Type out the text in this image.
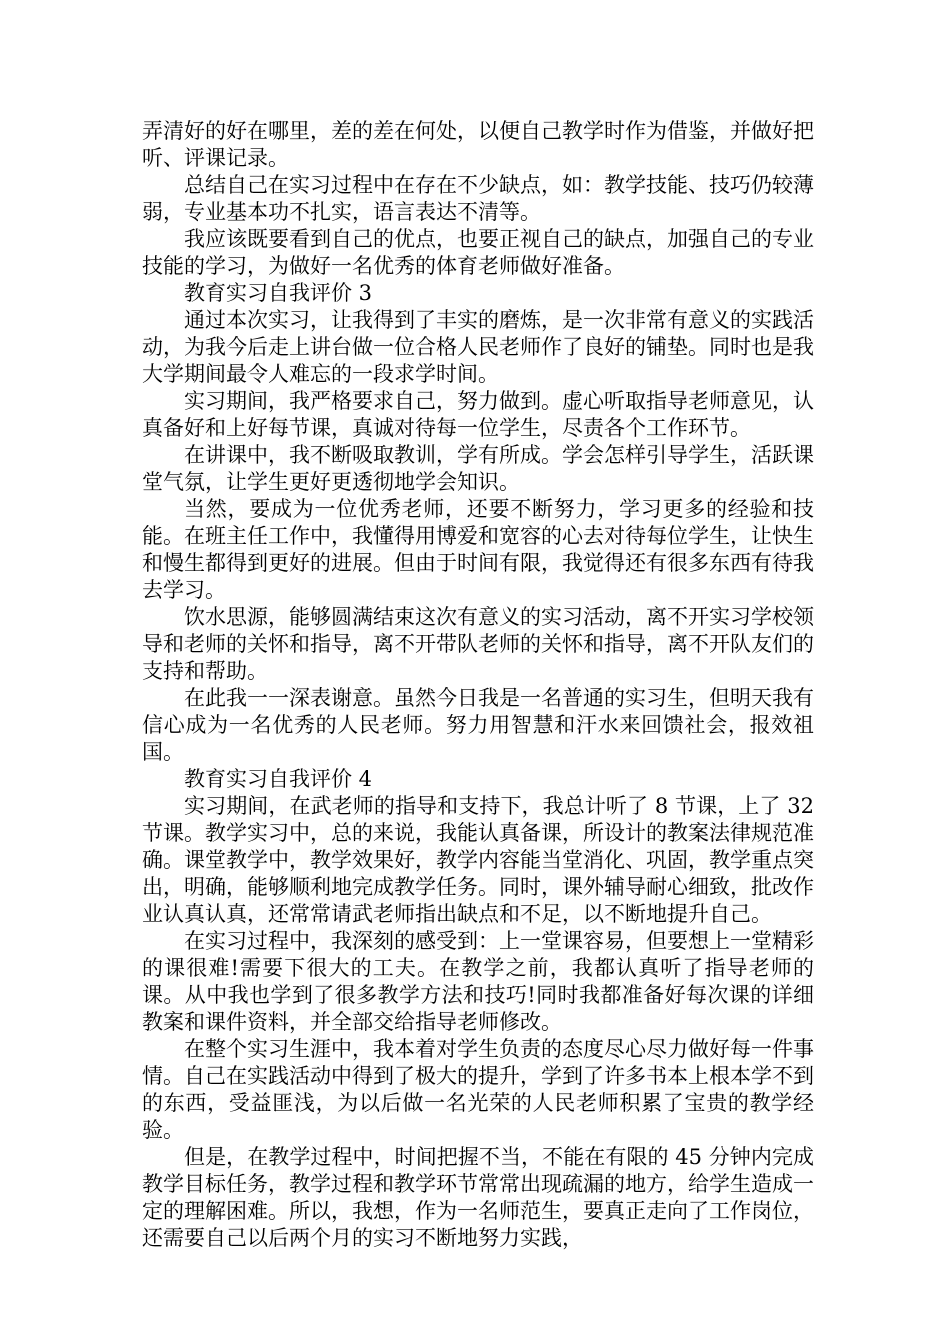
弄清好的好在哪里，差的差在何处，以便自己教学时作为借鉴，并做好把听、评课记录。

总结自己在实习过程中在存在不少缺点，如：教学技能、技巧仍较薄弱，专业基本功不扎实，语言表达不清等。

我应该既要看到自己的优点，也要正视自己的缺点，加强自己的专业技能的学习，为做好一名优秀的体育老师做好准备。

教育实习自我评价 3

通过本次实习，让我得到了丰实的磨炼，是一次非常有意义的实践活动，为我今后走上讲台做一位合格人民老师作了良好的铺垫。同时也是我大学期间最令人难忘的一段求学时间。

实习期间，我严格要求自己，努力做到。虚心听取指导老师意见，认真备好和上好每节课，真诚对待每一位学生，尽责各个工作环节。

在讲课中，我不断吸取教训，学有所成。学会怎样引导学生，活跃课堂气氛，让学生更好更透彻地学会知识。

当然，要成为一位优秀老师，还要不断努力，学习更多的经验和技能。在班主任工作中，我懂得用博爱和宽容的心去对待每位学生，让快生和慢生都得到更好的进展。但由于时间有限，我觉得还有很多东西有待我去学习。

饮水思源，能够圆满结束这次有意义的实习活动，离不开实习学校领导和老师的关怀和指导，离不开带队老师的关怀和指导，离不开队友们的支持和帮助。

在此我一一深表谢意。虽然今日我是一名普通的实习生，但明天我有信心成为一名优秀的人民老师。努力用智慧和汗水来回馈社会，报效祖国。

教育实习自我评价 4

实习期间，在武老师的指导和支持下，我总计听了 8 节课，上了 32 节课。教学实习中，总的来说，我能认真备课，所设计的教案法律规范准确。课堂教学中，教学效果好，教学内容能当堂消化、巩固，教学重点突出，明确，能够顺利地完成教学任务。同时，课外辅导耐心细致，批改作业认真认真，还常常请武老师指出缺点和不足，以不断地提升自己。

在实习过程中，我深刻的感受到：上一堂课容易，但要想上一堂精彩的课很难!需要下很大的工夫。在教学之前，我都认真听了指导老师的课。从中我也学到了很多教学方法和技巧!同时我都准备好每次课的详细教案和课件资料，并全部交给指导老师修改。

在整个实习生涯中，我本着对学生负责的态度尽心尽力做好每一件事情。自己在实践活动中得到了极大的提升，学到了许多书本上根本学不到的东西，受益匪浅，为以后做一名光荣的人民老师积累了宝贵的教学经验。

但是，在教学过程中，时间把握不当，不能在有限的 45 分钟内完成教学目标任务，教学过程和教学环节常常出现疏漏的地方，给学生造成一定的理解困难。所以，我想，作为一名师范生，要真正走向了工作岗位，还需要自己以后两个月的实习不断地努力实践，
